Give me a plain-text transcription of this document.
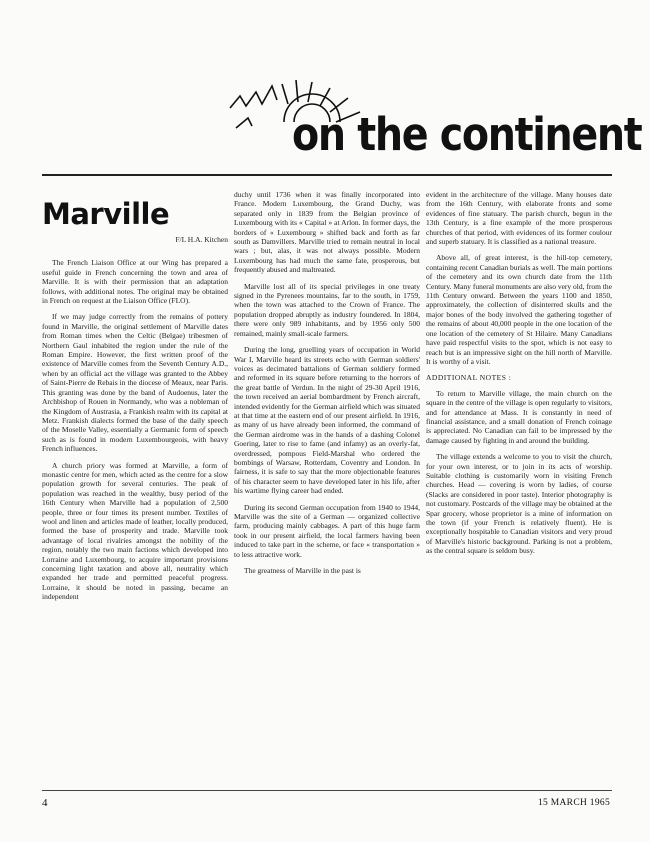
on the continent
Marville
F/L H.A. Kitchen

The French Liaison Office at our Wing has prepared a useful guide in French concerning the town and area of Marville. It is with their permission that an adaptation follows, with additional notes. The original may be obtained in French on request at the Liaison Office (FLO).

If we may judge correctly from the remains of pottery found in Marville, the original settlement of Marville dates from Roman times when the Celtic (Belgae) tribesmen of Northern Gaul inhabited the region under the rule of the Roman Empire. However, the first written proof of the existence of Marville comes from the Seventh Century A.D., when by an official act the village was granted to the Abbey of Saint-Pierre de Rebais in the diocese of Meaux, near Paris. This granting was done by the band of Audoenus, later the Archbishop of Rouen in Normandy, who was a nobleman of the Kingdom of Austrasia, a Frankish realm with its capital at Metz. Frankish dialects formed the base of the daily speech of the Moselle Valley, essentially a Germanic form of speech such as is found in modern Luxembourgeois, with heavy French influences.

A church priory was formed at Marville, a form of monastic centre for men, which acted as the centre for a slow population growth for several centuries. The peak of population was reached in the wealthy, busy period of the 16th Century when Marville had a population of 2,500 people, three or four times its present number. Textiles of wool and linen and articles made of leather, locally produced, formed the base of prosperity and trade. Marville took advantage of local rivalries amongst the nobility of the region, notably the two main factions which developed into Lorraine and Luxembourg, to acquire important provisions concerning light taxation and above all, neutrality which expanded her trade and permitted peaceful progress. Lorraine, it should be noted in passing, became an independent

duchy until 1736 when it was finally incorporated into France. Modern Luxembourg, the Grand Duchy, was separated only in 1839 from the Belgian province of Luxembourg with its « Capital » at Arlon. In former days, the borders of « Luxembourg » shifted back and forth as far south as Damvillers. Marville tried to remain neutral in local wars ; but, alas, it was not always possible. Modern Luxembourg has had much the same fate, prosperous, but frequently abused and maltreated.

Marville lost all of its special privileges in one treaty signed in the Pyrenees mountains, far to the south, in 1759, when the town was attached to the Crown of France. The population dropped abruptly as industry foundered. In 1804, there were only 989 inhabitants, and by 1956 only 500 remained, mainly small-scale farmers.

During the long, gruelling years of occupation in World War I, Marville heard its streets echo with German soldiers' voices as decimated battalions of German soldiery formed and reformed in its square before returning to the horrors of the great battle of Verdun. In the night of 29-30 April 1916, the town received an aerial bombardment by French aircraft, intended evidently for the German airfield which was situated at that time at the eastern end of our present airfield. In 1916, as many of us have already been informed, the command of the German airdrome was in the hands of a dashing Colonel Goering, later to rise to fame (and infamy) as an overly-fat, overdressed, pompous Field-Marshal who ordered the bombings of Warsaw, Rotterdam, Coventry and London. In fairness, it is safe to say that the more objectionable features of his character seem to have developed later in his life, after his wartime flying career had ended.

During its second German occupation from 1940 to 1944, Marville was the site of a German — organized collective farm, producing mainly cabbages. A part of this huge farm took in our present airfield, the local farmers having been induced to take part in the scheme, or face « transportation » to less attractive work.

The greatness of Marville in the past is

evident in the architecture of the village. Many houses date from the 16th Century, with elaborate fronts and some evidences of fine statuary. The parish church, begun in the 13th Century, is a fine example of the more prosperous churches of that period, with evidences of its former coulour and superb statuary. It is classified as a national treasure.

Above all, of great interest, is the hill-top cemetery, containing recent Canadian burials as well. The main portions of the cemetery and its own church date from the 11th Century. Many funeral monuments are also very old, from the 11th Century onward. Between the years 1100 and 1850, approximately, the collection of disinterred skulls and the major bones of the body involved the gathering together of the remains of about 40,000 people in the one location of the one location of the cemetery of St Hilaire. Many Canadians have paid respectful visits to the spot, which is not easy to reach but is an impressive sight on the hill north of Marville. It is worthy of a visit.

ADDITIONAL NOTES :

To return to Marville village, the main church on the square in the centre of the village is open regularly to visitors, and for attendance at Mass. It is constantly in need of financial assistance, and a small donation of French coinage is appreciated. No Canadian can fail to be impressed by the damage caused by fighting in and around the building.

The village extends a welcome to you to visit the church, for your own interest, or to join in its acts of worship. Suitable clothing is customarily worn in visiting French churches. Head — covering is worn by ladies, of course (Slacks are considered in poor taste). Interior photography is not customary. Postcards of the village may be obtained at the Spar grocery, whose proprietor is a mine of information on the town (if your French is relatively fluent). He is exceptionally hospitable to Canadian visitors and very proud of Marville's historic background. Parking is not a problem, as the central square is seldom busy.

4	15 MARCH 1965
